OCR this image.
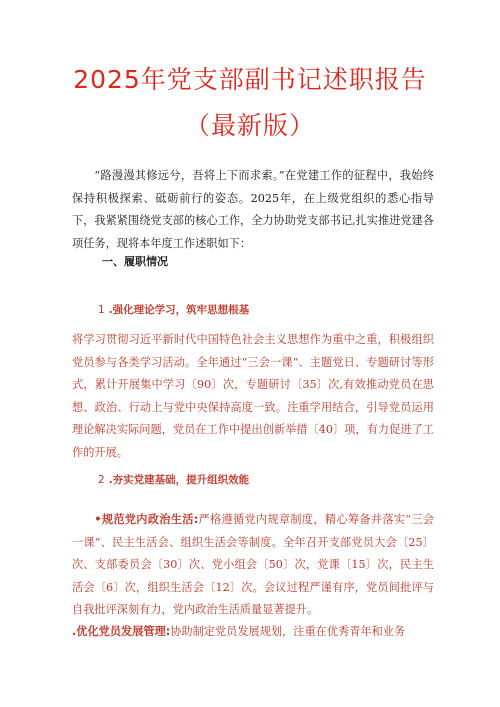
2025年党支部副书记述职报告
（最新版）
“路漫漫其修远兮，吾将上下而求索。”在党建工作的征程中，我始终保持积极探索、砥砺前行的姿态。2025年，在上级党组织的悉心指导下，我紧紧围绕党支部的核心工作，全力协助党支部书记,扎实推进党建各项任务，现将本年度工作述职如下：
一、履职情况
1 .强化理论学习，筑牢思想根基
将学习贯彻习近平新时代中国特色社会主义思想作为重中之重，积极组织党员参与各类学习活动。全年通过“三会一课”、主题党日、专题研讨等形式，累计开展集中学习〔90〕次，专题研讨〔35〕次,有效推动党员在思想、政治、行动上与党中央保持高度一致。注重学用结合，引导党员运用理论解决实际问题，党员在工作中提出创新举措〔40〕项，有力促进了工作的开展。
2 .夯实党建基础，提升组织效能
•规范党内政治生活:严格遵循党内规章制度，精心筹备并落实“三会一课”、民主生活会、组织生活会等制度。全年召开支部党员大会〔25〕次、支部委员会〔30〕次、党小组会〔50〕次，党课〔15〕次，民主生活会〔6〕次，组织生活会〔12〕次。会议过程严谨有序，党员间批评与自我批评深刻有力，党内政治生活质量显著提升。
.优化党员发展管理:协助制定党员发展规划，注重在优秀青年和业务
